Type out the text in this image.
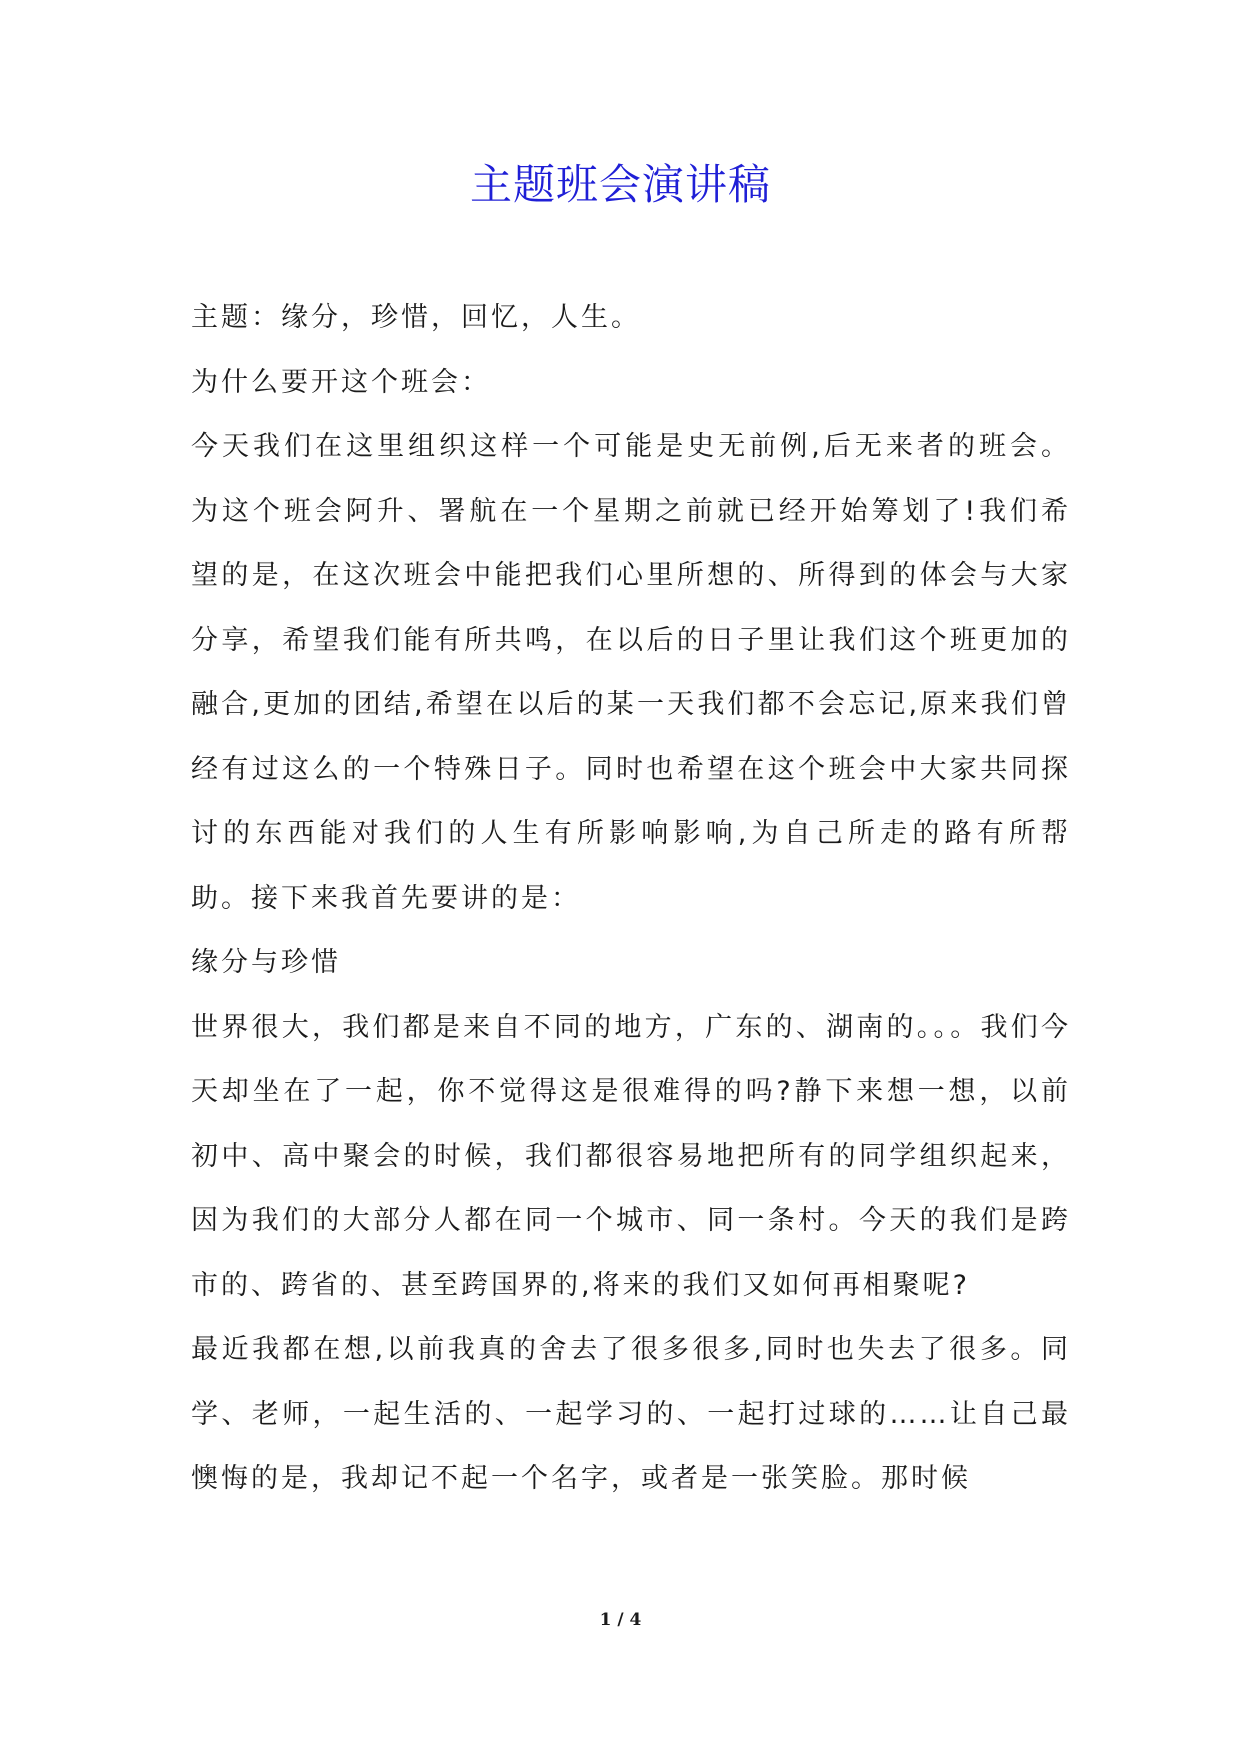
主题班会演讲稿

主题：缘分，珍惜，回忆，人生。

为什么要开这个班会：

今天我们在这里组织这样一个可能是史无前例,后无来者的班会。为这个班会阿升、署航在一个星期之前就已经开始筹划了!我们希望的是，在这次班会中能把我们心里所想的、所得到的体会与大家分享，希望我们能有所共鸣，在以后的日子里让我们这个班更加的融合,更加的团结,希望在以后的某一天我们都不会忘记,原来我们曾经有过这么的一个特殊日子。同时也希望在这个班会中大家共同探讨的东西能对我们的人生有所影响影响,为自己所走的路有所帮助。接下来我首先要讲的是：

缘分与珍惜

世界很大，我们都是来自不同的地方，广东的、湖南的。。。我们今天却坐在了一起，你不觉得这是很难得的吗?静下来想一想，以前初中、高中聚会的时候，我们都很容易地把所有的同学组织起来，因为我们的大部分人都在同一个城市、同一条村。今天的我们是跨市的、跨省的、甚至跨国界的,将来的我们又如何再相聚呢?

最近我都在想,以前我真的舍去了很多很多,同时也失去了很多。同学、老师，一起生活的、一起学习的、一起打过球的……让自己最懊悔的是，我却记不起一个名字，或者是一张笑脸。那时候

1 / 4
